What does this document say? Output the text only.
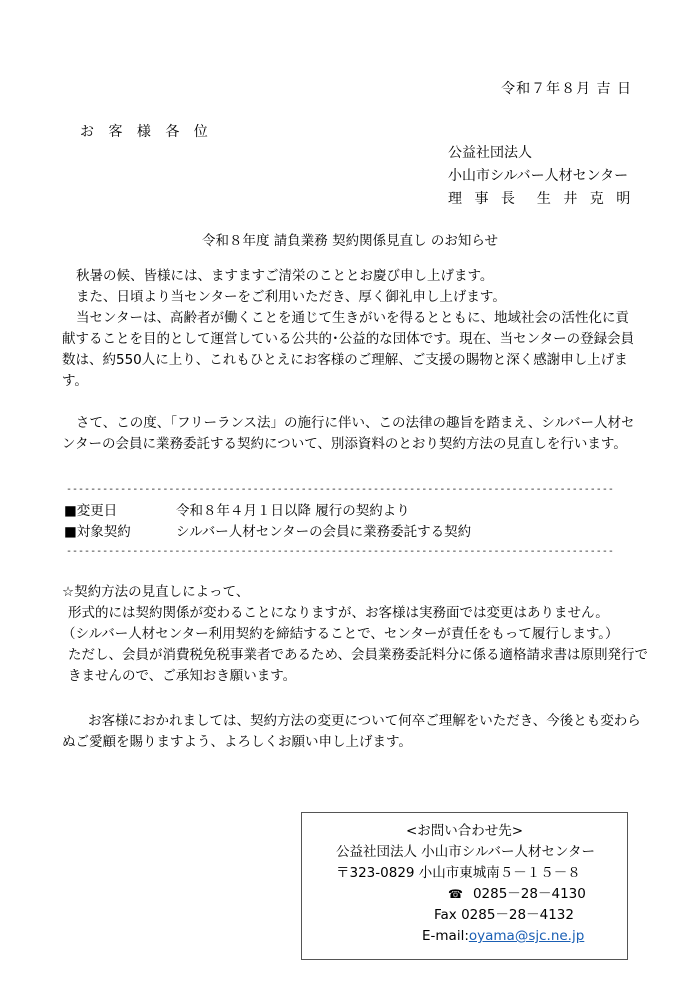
令和７年８月 吉 日
お 客 様 各 位
公益社団法人
小山市シルバー人材センター
理 事 長　生 井 克 明
令和８年度 請負業務 契約関係見直し のお知らせ

秋暑の候、皆様には、ますますご清栄のこととお慶び申し上げます。

また、日頃より当センターをご利用いただき、厚く御礼申し上げます。

当センターは、高齢者が働くことを通じて生きがいを得るとともに、地域社会の活性化に貢献することを目的として運営している公共的･公益的な団体です。現在、当センターの登録会員数は、約550人に上り、これもひとえにお客様のご理解、ご支援の賜物と深く感謝申し上げます。

さて、この度、「フリーランス法」の施行に伴い、この法律の趣旨を踏まえ、シルバー人材センターの会員に業務委託する契約について、別添資料のとおり契約方法の見直しを行います。

-------------------------------------------------------------------------------------------
■変更日	令和８年４月１日以降 履行の契約より
■対象契約	シルバー人材センターの会員に業務委託する契約
-------------------------------------------------------------------------------------------
☆契約方法の見直しによって、
形式的には契約関係が変わることになりますが、お客様は実務面では変更はありません。
（シルバー人材センター利用契約を締結することで、センターが責任をもって履行します。）
ただし、会員が消費税免税事業者であるため、会員業務委託料分に係る適格請求書は原則発行できませんので、ご承知おき願います。
お客様におかれましては、契約方法の変更について何卒ご理解をいただき、今後とも変わらぬご愛顧を賜りますよう、よろしくお願い申し上げます。
<お問い合わせ先>
公益社団法人 小山市シルバー人材センター
〒323-0829 小山市東城南５－１５－８
☎ 0285－28－4130
Fax 0285－28－4132
E-mail:oyama@sjc.ne.jp
